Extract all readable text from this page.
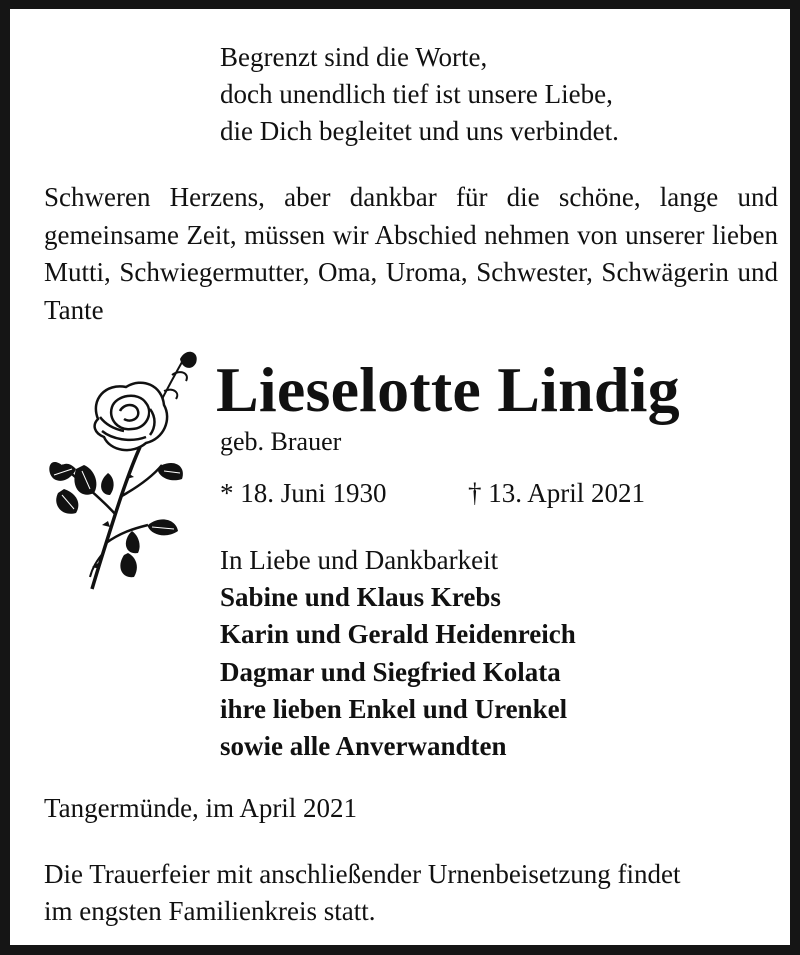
Begrenzt sind die Worte,
doch unendlich tief ist unsere Liebe,
die Dich begleitet und uns verbindet.
Schweren Herzens, aber dankbar für die schöne, lange und gemeinsame Zeit, müssen wir Abschied nehmen von unserer lieben Mutti, Schwiegermutter, Oma, Uroma, Schwester, Schwägerin und Tante
Lieselotte Lindig
geb. Brauer
* 18. Juni 1930	† 13. April 2021
In Liebe und Dankbarkeit
Sabine und Klaus Krebs
Karin und Gerald Heidenreich
Dagmar und Siegfried Kolata
ihre lieben Enkel und Urenkel
sowie alle Anverwandten
Tangermünde, im April 2021
Die Trauerfeier mit anschließender Urnenbeisetzung findet
im engsten Familienkreis statt.
